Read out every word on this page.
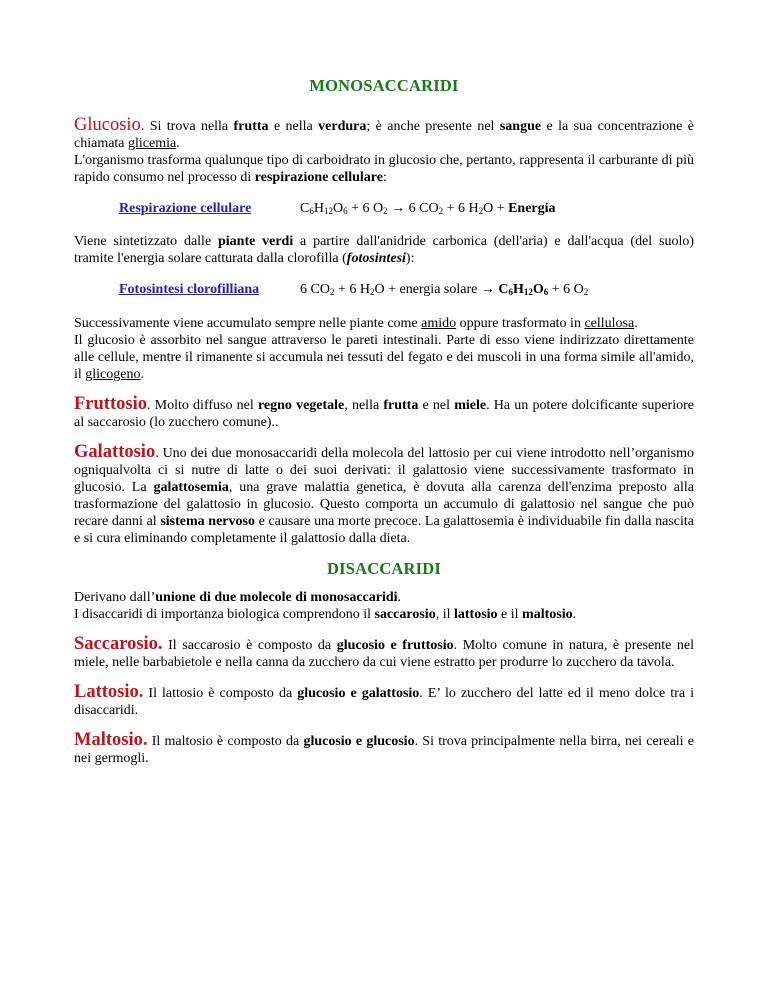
MONOSACCARIDI

Glucosio. Si trova nella frutta e nella verdura; è anche presente nel sangue e la sua concentrazione è chiamata glicemia.

L'organismo trasforma qualunque tipo di carboidrato in glucosio che, pertanto, rappresenta il carburante di più rapido consumo nel processo di respirazione cellulare:

Respirazione cellulare	$C_6H_{12}O_6 + 6$ $O_2 \to 6$ $CO_2 + 6$ $H_2O$ + Energia

Viene sintetizzato dalle piante verdi a partire dall'anidride carbonica (dell'aria) e dall'acqua (del suolo) tramite l'energia solare catturata dalla clorofilla (fotosintesi):

Fotosintesi clorofilliana	6 $CO_2 + 6$ $H_2O$ + energia solare → $C_6H_{12}O_6 + 6$ $O_2$

Successivamente viene accumulato sempre nelle piante come amido oppure trasformato in cellulosa.

Il glucosio è assorbito nel sangue attraverso le pareti intestinali. Parte di esso viene indirizzato direttamente alle cellule, mentre il rimanente si accumula nei tessuti del fegato e dei muscoli in una forma simile all'amido, il glicogeno.

Fruttosio. Molto diffuso nel regno vegetale, nella frutta e nel miele. Ha un potere dolcificante superiore al saccarosio (lo zucchero comune)..

Galattosio. Uno dei due monosaccaridi della molecola del lattosio per cui viene introdotto nell’organismo ogniqualvolta ci si nutre di latte o dei suoi derivati: il galattosio viene successivamente trasformato in glucosio. La galattosemia, una grave malattia genetica, è dovuta alla carenza dell'enzima preposto alla trasformazione del galattosio in glucosio. Questo comporta un accumulo di galattosio nel sangue che può recare danni al sistema nervoso e causare una morte precoce. La galattosemia è individuabile fin dalla nascita e si cura eliminando completamente il galattosio dalla dieta.

DISACCARIDI

Derivano dall’unione di due molecole di monosaccaridi.

I disaccaridi di importanza biologica comprendono il saccarosio, il lattosio e il maltosio.

Saccarosio. Il saccarosio è composto da glucosio e fruttosio. Molto comune in natura, è presente nel miele, nelle barbabietole e nella canna da zucchero da cui viene estratto per produrre lo zucchero da tavola.

Lattosio. Il lattosio è composto da glucosio e galattosio. E’ lo zucchero del latte ed il meno dolce tra i disaccaridi.

Maltosio. Il maltosio è composto da glucosio e glucosio. Si trova principalmente nella birra, nei cereali e nei germogli.
